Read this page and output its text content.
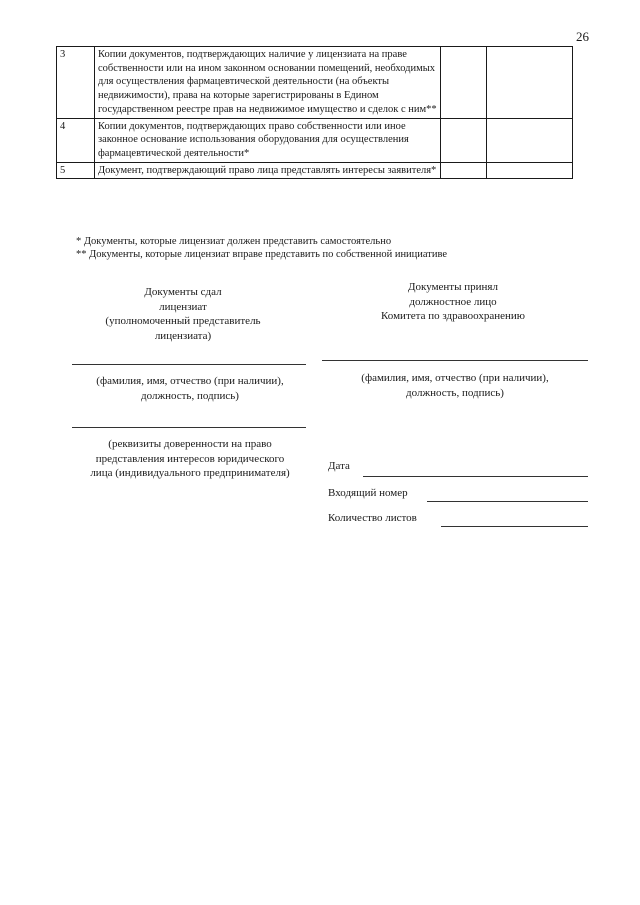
26
3	Копии документов, подтверждающих наличие у лицензиата на праве собственности или на ином законном основании помещений, необходимых для осуществления фармацевтической деятельности (на объекты недвижимости), права на которые зарегистрированы в Едином государственном реестре прав на недвижимое имущество и сделок с ним**		
4	Копии документов, подтверждающих право собственности или иное законное основание использования оборудования для осуществления фармацевтической деятельности*		
5	Документ, подтверждающий право лица представлять интересы заявителя*		
* Документы, которые лицензиат должен представить самостоятельно
** Документы, которые лицензиат вправе представить по собственной инициативе
Документы сдал
лицензиат
(уполномоченный представитель
лицензиата)
(фамилия, имя, отчество (при наличии),
должность, подпись)
(реквизиты доверенности на право
представления интересов юридического
лица (индивидуального предпринимателя)
Документы принял
должностное лицо
Комитета по здравоохранению
(фамилия, имя, отчество (при наличии),
должность, подпись)
Дата
Входящий номер
Количество листов
